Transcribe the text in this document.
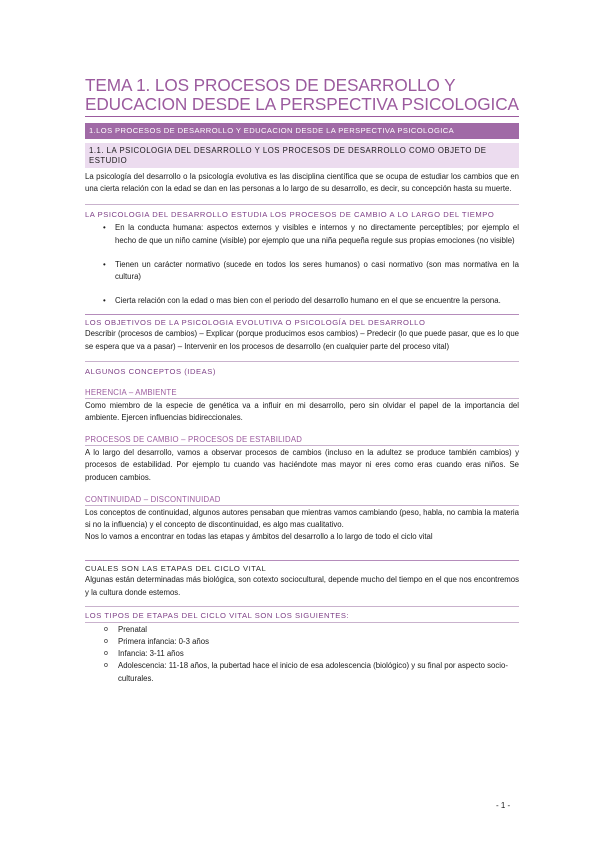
TEMA 1. LOS PROCESOS DE DESARROLLO Y EDUCACION DESDE LA PERSPECTIVA PSICOLOGICA
1.LOS PROCESOS DE DESARROLLO Y EDUCACION DESDE LA PERSPECTIVA PSICOLOGICA
1.1. LA PSICOLOGIA DEL DESARROLLO Y LOS PROCESOS DE DESARROLLO COMO OBJETO DE ESTUDIO

La psicología del desarrollo o la psicología evolutiva es las disciplina científica que se ocupa de estudiar los cambios que en una cierta relación con la edad se dan en las personas a lo largo de su desarrollo, es decir, su concepción hasta su muerte.

LA PSICOLOGIA DEL DESARROLLO ESTUDIA LOS PROCESOS DE CAMBIO A LO LARGO DEL TIEMPO
• En la conducta humana: aspectos externos y visibles e internos y no directamente perceptibles; por ejemplo el hecho de que un niño camine (visible) por ejemplo que una niña pequeña regule sus propias emociones (no visible)
• Tienen un carácter normativo (sucede en todos los seres humanos) o casi normativo (son mas normativa en la cultura)
• Cierta relación con la edad o mas bien con el periodo del desarrollo humano en el que se encuentre la persona.
LOS OBJETIVOS DE LA PSICOLOGIA EVOLUTIVA O PSICOLOGÍA DEL DESARROLLO

Describir (procesos de cambios) – Explicar (porque producimos esos cambios) – Predecir (lo que puede pasar, que es lo que se espera que va a pasar) – Intervenir en los procesos de desarrollo (en cualquier parte del proceso vital)

ALGUNOS CONCEPTOS (IDEAS)
HERENCIA – AMBIENTE

Como miembro de la especie de genética va a influir en mi desarrollo, pero sin olvidar el papel de la importancia del ambiente. Ejercen influencias bidireccionales.

PROCESOS DE CAMBIO – PROCESOS DE ESTABILIDAD

A lo largo del desarrollo, vamos a observar procesos de cambios (incluso en la adultez se produce también cambios) y procesos de estabilidad. Por ejemplo tu cuando vas haciéndote mas mayor ni eres como eras cuando eras niños. Se producen cambios.

CONTINUIDAD – DISCONTINUIDAD

Los conceptos de continuidad, algunos autores pensaban que mientras vamos cambiando (peso, habla, no cambia la materia si no la influencia) y el concepto de discontinuidad, es algo mas cualitativo.

Nos lo vamos a encontrar en todas las etapas y ámbitos del desarrollo a lo largo de todo el ciclo vital

CUALES SON LAS ETAPAS DEL CICLO VITAL

Algunas están determinadas más biológica, son cotexto sociocultural, depende mucho del tiempo en el que nos encontremos y la cultura donde estemos.

LOS TIPOS DE ETAPAS DEL CICLO VITAL SON LOS SIGUIENTES:
o Prenatal
o Primera infancia: 0-3 años
o Infancia: 3-11 años
o Adolescencia: 11-18 años, la pubertad hace el inicio de esa adolescencia (biológico) y su final por aspecto socio-culturales.
- 1 -
